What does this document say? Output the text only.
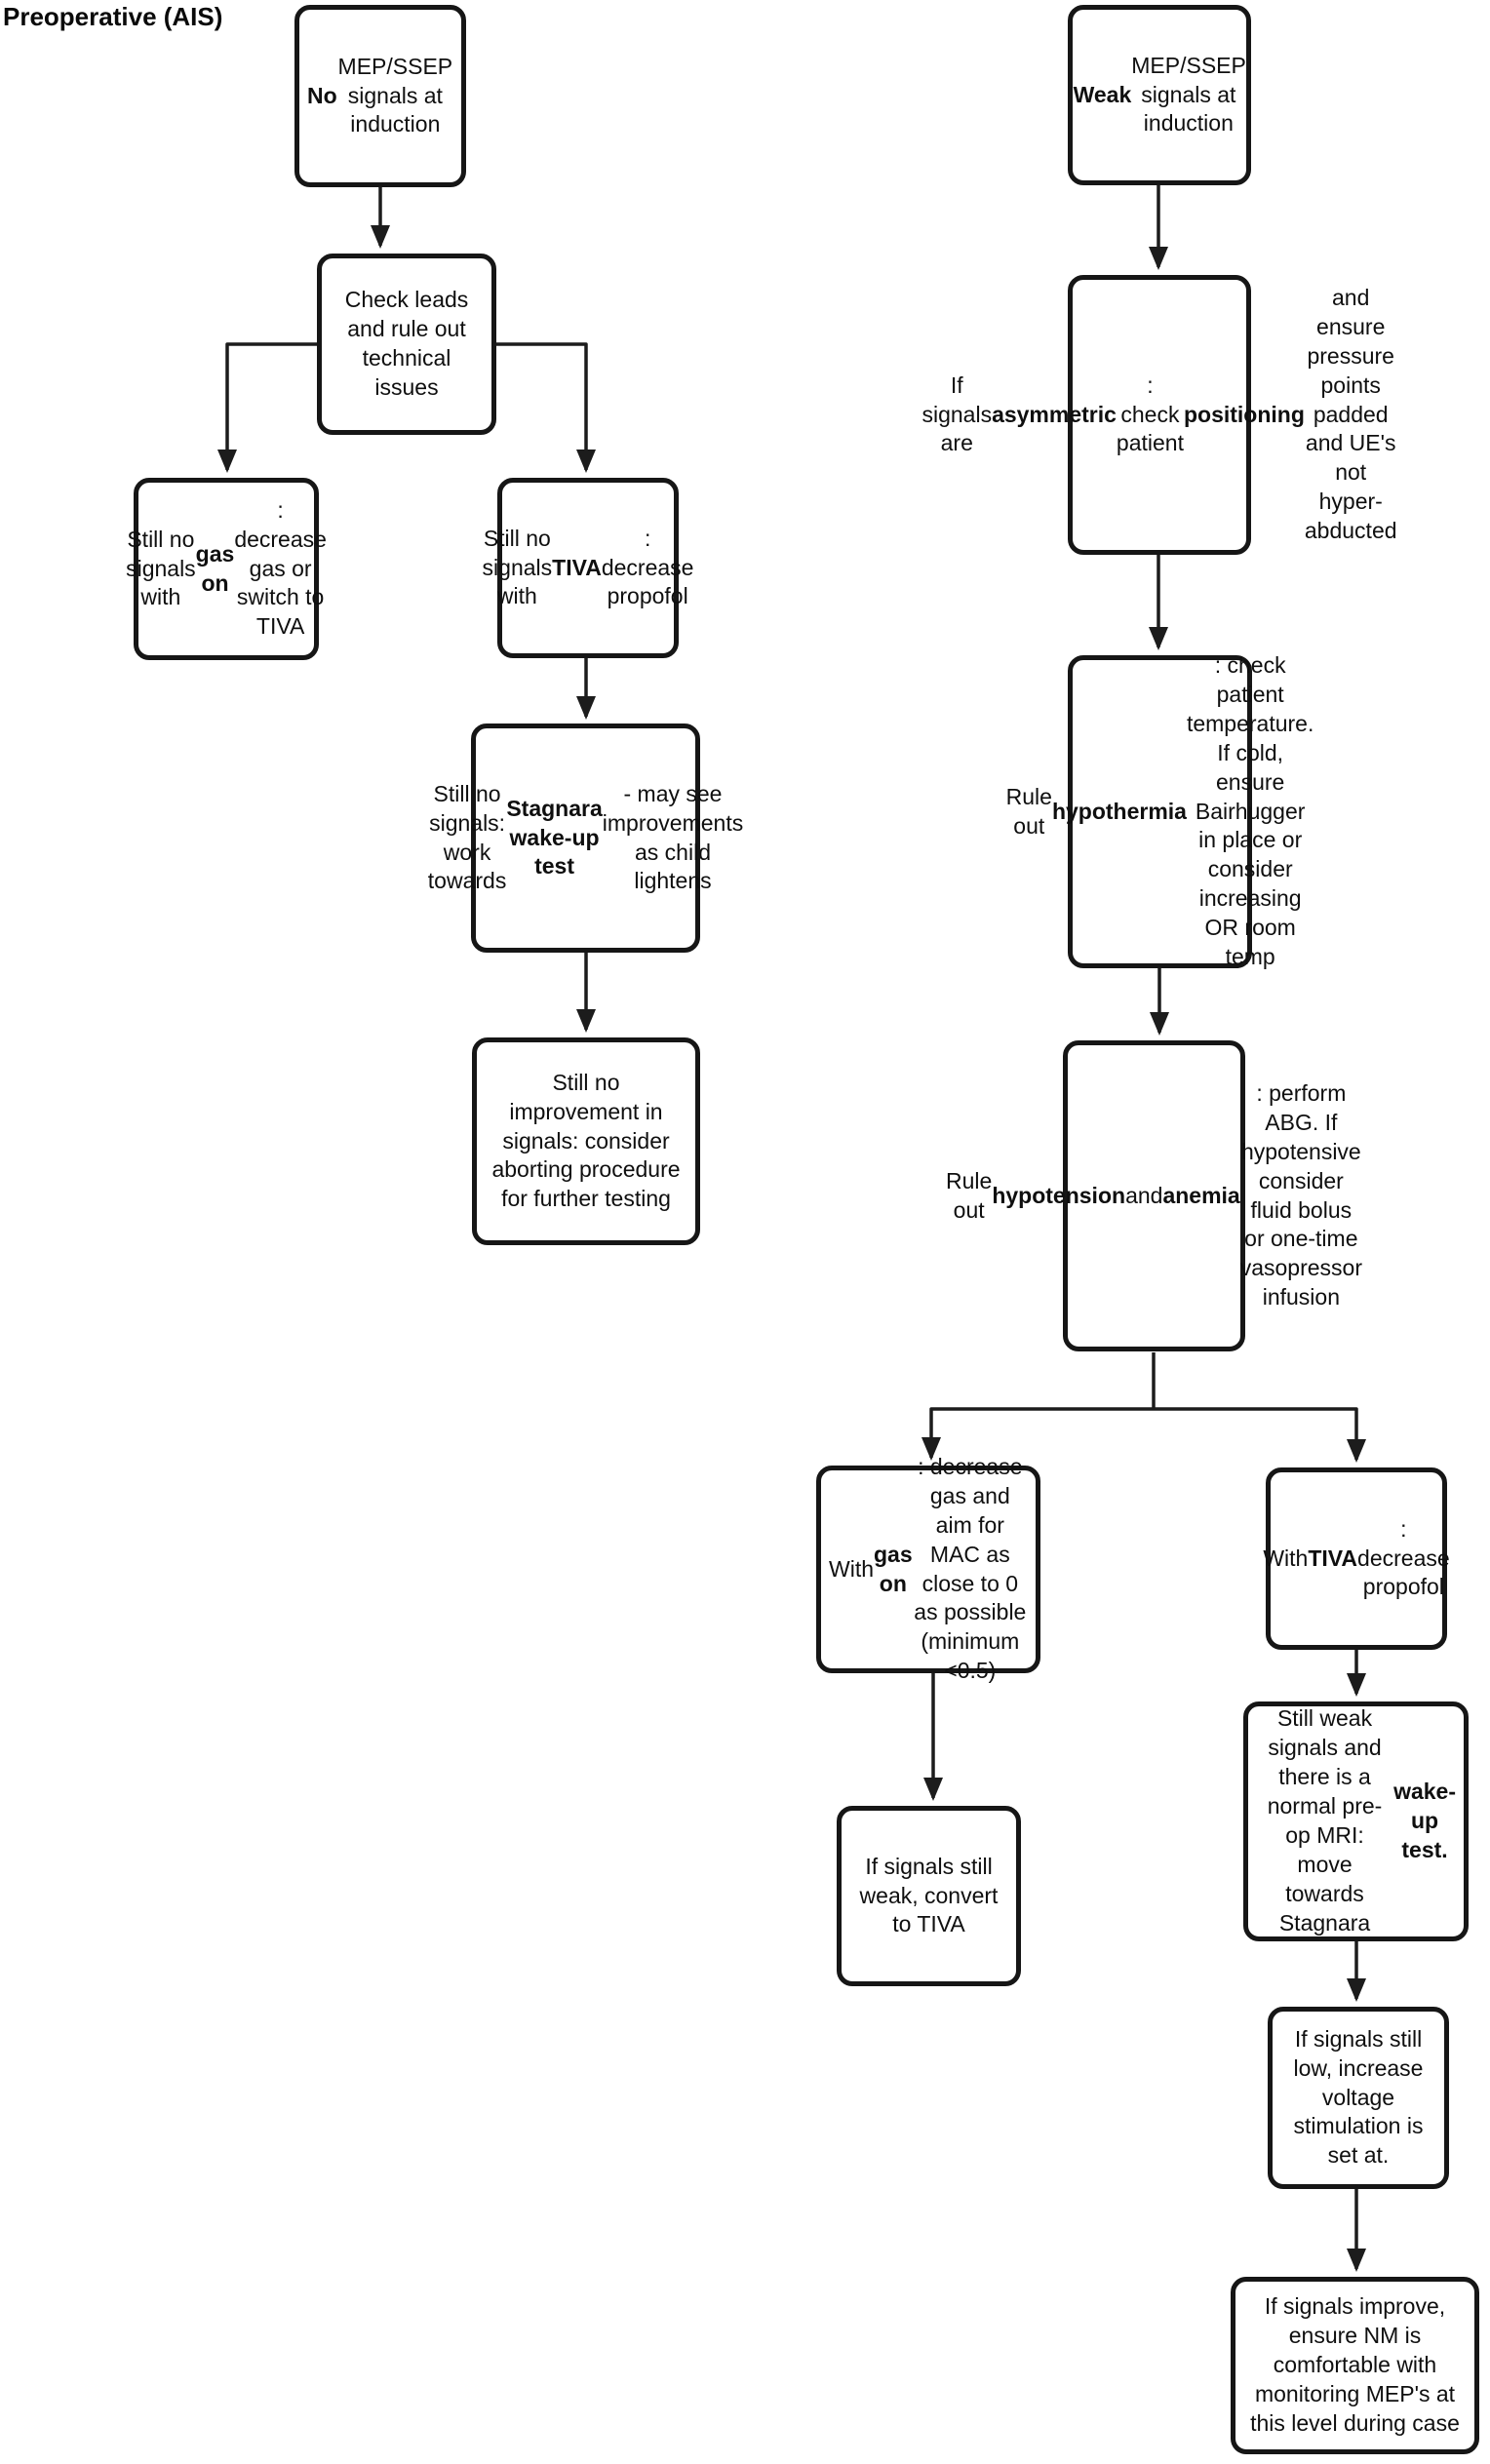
Preoperative (AIS)
No
MEP/SSEP signals at induction
Check leads and rule out technical issues
Still no signals with
gas on
: decrease gas or switch to TIVA
Still no signals with
TIVA
: decrease propofol
Still no signals: work towards
Stagnara wake-up test
- may see improvements as child lightens
Still no improvement in signals: consider aborting procedure for further testing
Weak
MEP/SSEP signals at induction
If signals are
asymmetric
: check patient
positioning
and ensure pressure points padded and UE's not hyper-abducted
Rule out
hypothermia
: check patient temperature. If cold, ensure Bairhugger in place or consider increasing OR room temp
Rule out
hypotension and anemia
: perform ABG. If hypotensive consider fluid bolus or one-time vasopressor infusion
With
gas on
: decrease gas and aim for MAC as close to 0 as possible (minimum <0.5)
With TIVA
: decrease propofol
If signals still weak, convert to TIVA
Still weak signals and there is a normal pre-op MRI: move towards Stagnara
wake-up test.
If signals still low, increase voltage stimulation is set at.
If signals improve, ensure NM is comfortable with monitoring MEP's at this level during case
